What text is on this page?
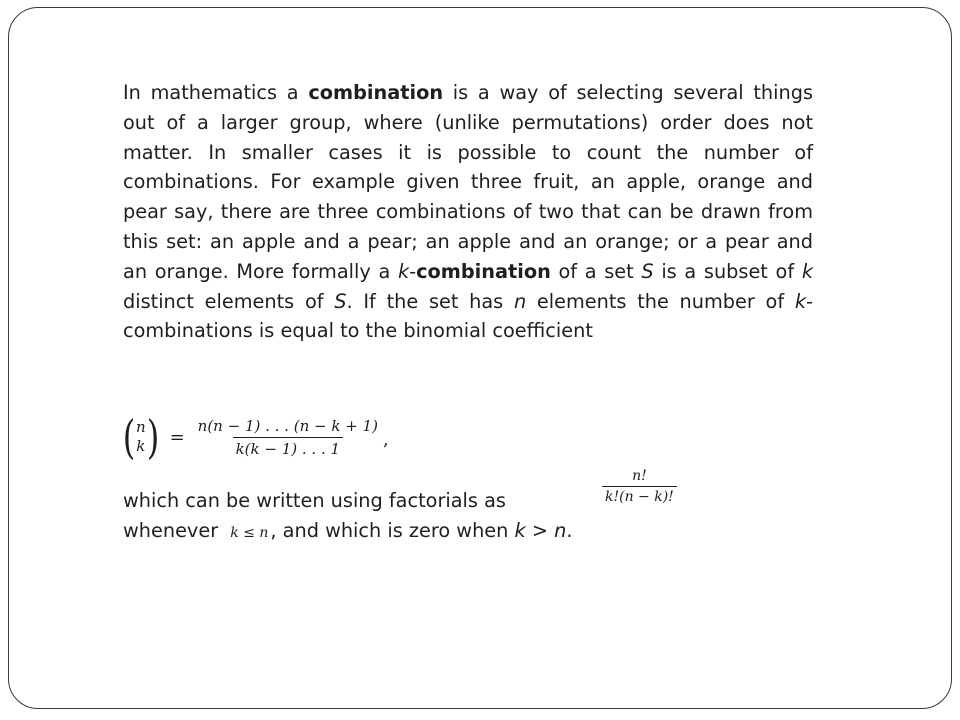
In mathematics a combination is a way of selecting several things out of a larger group, where (unlike permutations) order does not matter. In smaller cases it is possible to count the number of combinations. For example given three fruit, an apple, orange and pear say, there are three combinations of two that can be drawn from this set: an apple and a pear; an apple and an orange; or a pear and an orange. More formally a k-combination of a set S is a subset of k distinct elements of S. If the set has n elements the number of k-combinations is equal to the binomial coefficient

( n
k ) = $\frac{n(n - 1) . . . (n - k + 1)}{k(k - 1) . . . 1}$ ,
which can be written using factorials as	$\frac{n!}{k!(n - k)!}$
whenever k ≤ n , and which is zero when k > n.
